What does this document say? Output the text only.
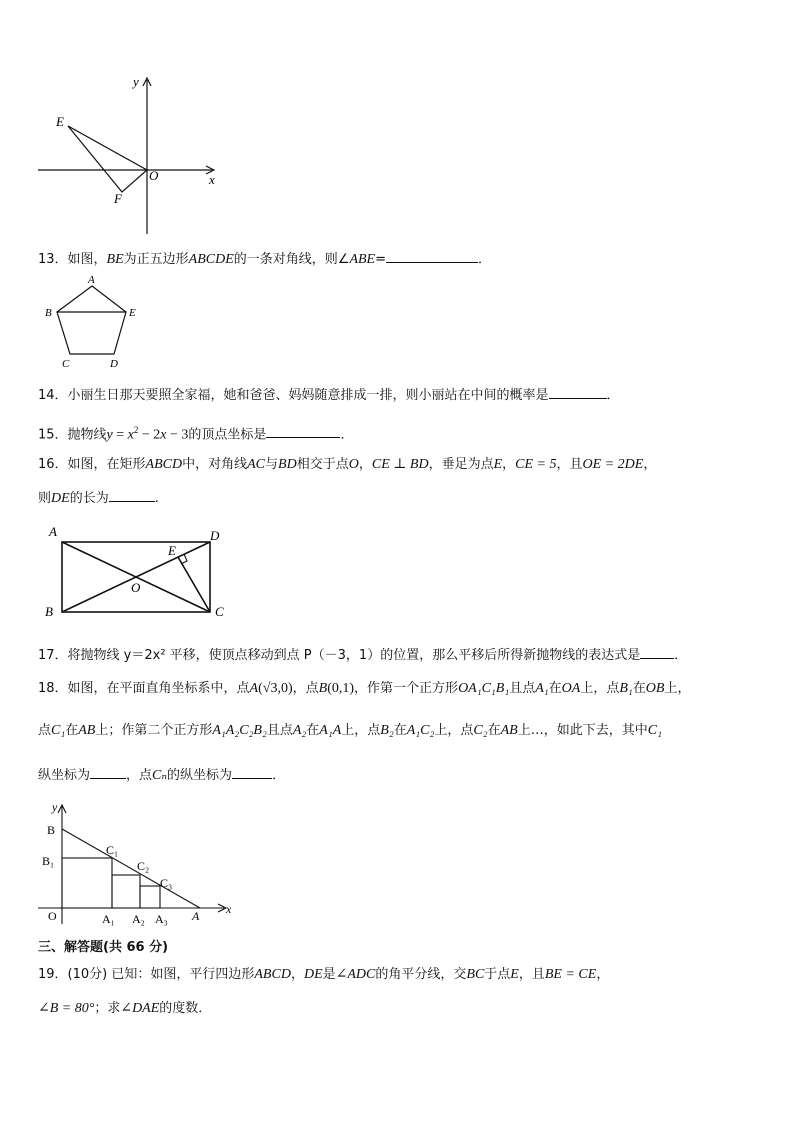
y
x
O
E
F
13．如图，BE为正五边形ABCDE的一条对角线，则∠ABE=	．
A
B	E
C	D
14．小丽生日那天要照全家福，她和爸爸、妈妈随意排成一排，则小丽站在中间的概率是	．
15．抛物线$y = x^2 - 2x - 3$的顶点坐标是	．
16．如图，在矩形ABCD中，对角线AC与BD相交于点O，CE ⊥ BD，垂足为点E，CE = 5，且OE = 2DE，
则DE的长为	.
A	D
E
O
B	C
17．将抛物线 y＝2x² 平移，使顶点移动到点 P（－3，1）的位置，那么平移后所得新抛物线的表达式是	．
18．如图，在平面直角坐标系中，点A(√3,0)，点B(0,1)，作第一个正方形OA₁C₁B₁且点A₁在OA上，点B₁在OB上，
点C₁在AB上；作第二个正方形A₁A₂C₂B₂且点A₂在A₁A上，点B₂在A₁C₂上，点C₂在AB上…，如此下去，其中C₁
纵坐标为	，点Cₙ的纵坐标为	．
y
x
B
B₁
C₁
C₂
C₃
O	A₁ A₂ A₃ A
三、解答题(共 66 分)
19．(10分) 已知：如图，平行四边形ABCD，DE是∠ADC的角平分线，交BC于点E，且BE = CE，
∠B = 80°；求∠DAE的度数．
